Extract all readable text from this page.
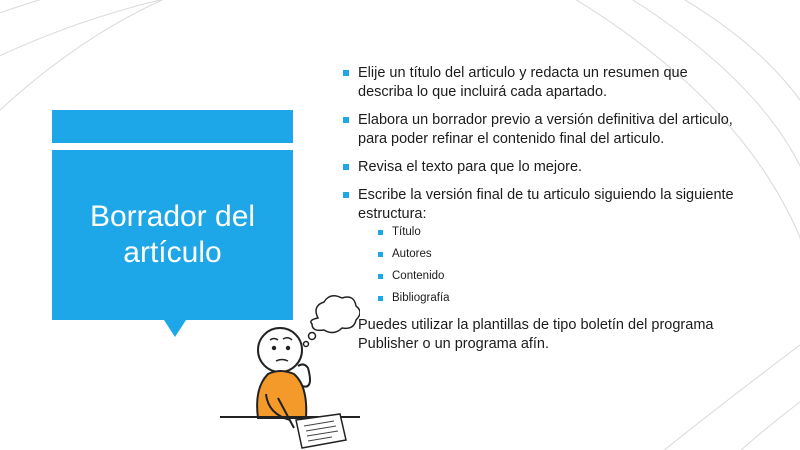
Borrador del
artículo
Elije un título del articulo y redacta un resumen que describa lo que incluirá cada apartado.
Elabora un borrador previo a versión definitiva del articulo, para poder refinar el contenido final del articulo.
Revisa el texto para que lo mejore.
Escribe la versión final de tu articulo siguiendo la siguiente estructura:
Título
Autores
Contenido
Bibliografía
Puedes utilizar la plantillas de tipo boletín del programa Publisher o un programa afín.
